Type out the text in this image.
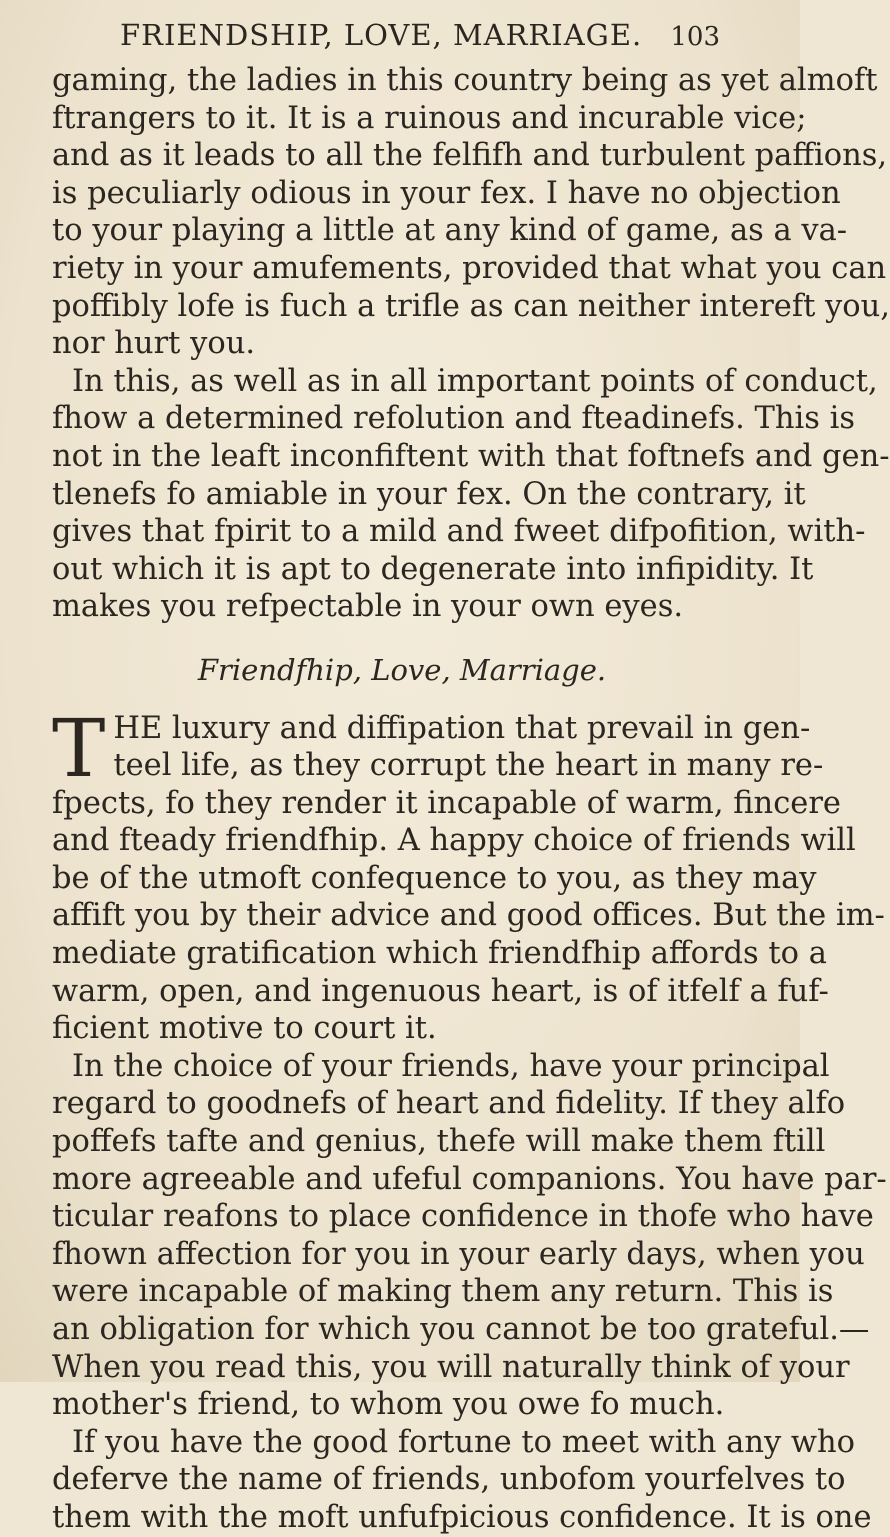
FRIENDSHIP, LOVE, MARRIAGE. 103

gaming, the ladies in this country being as yet almoft
ftrangers to it. It is a ruinous and incurable vice;
and as it leads to all the felfifh and turbulent paffions,
is peculiarly odious in your fex. I have no objection
to your playing a little at any kind of game, as a va-
riety in your amufements, provided that what you can
poffibly lofe is fuch a trifle as can neither intereft you,
nor hurt you.

In this, as well as in all important points of conduct,
fhow a determined refolution and fteadinefs. This is
not in the leaft inconfiftent with that foftnefs and gen-
tlenefs fo amiable in your fex. On the contrary, it
gives that fpirit to a mild and fweet difpofition, with-
out which it is apt to degenerate into infipidity. It
makes you refpectable in your own eyes.

Friendfhip, Love, Marriage.

T HE luxury and diffipation that prevail in gen-
teel life, as they corrupt the heart in many re-
fpects, fo they render it incapable of warm, fincere
and fteady friendfhip. A happy choice of friends will
be of the utmoft confequence to you, as they may
affift you by their advice and good offices. But the im-
mediate gratification which friendfhip affords to a
warm, open, and ingenuous heart, is of itfelf a fuf-
ficient motive to court it.

In the choice of your friends, have your principal
regard to goodnefs of heart and fidelity. If they alfo
poffefs tafte and genius, thefe will make them ftill
more agreeable and ufeful companions. You have par-
ticular reafons to place confidence in thofe who have
fhown affection for you in your early days, when you
were incapable of making them any return. This is
an obligation for which you cannot be too grateful.—
When you read this, you will naturally think of your
mother's friend, to whom you owe fo much.

If you have the good fortune to meet with any who
deferve the name of friends, unbofom yourfelves to
them with the moft unfufpicious confidence. It is one
